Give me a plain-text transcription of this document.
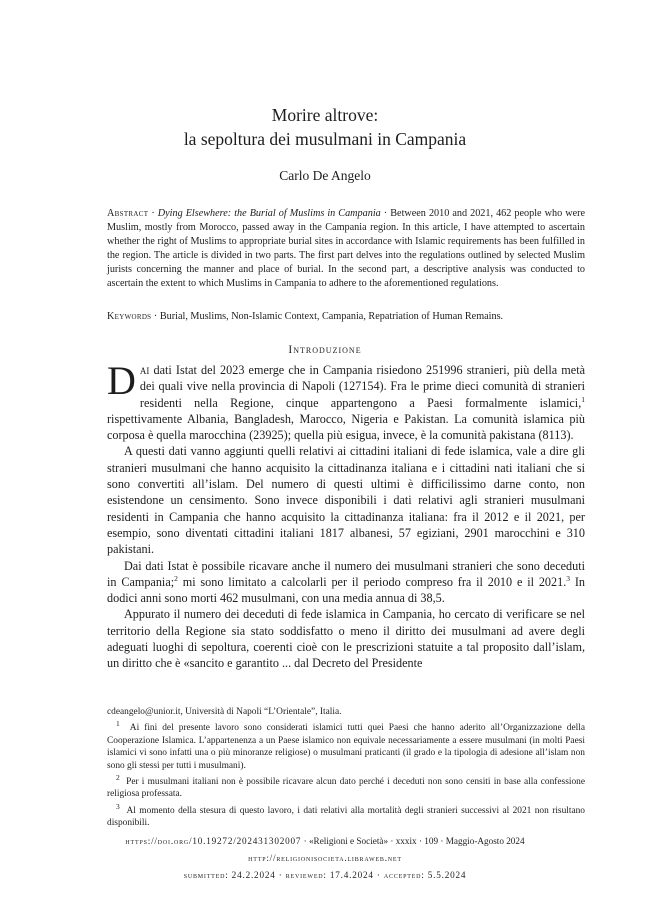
Morire altrove:
la sepoltura dei musulmani in Campania
Carlo De Angelo

Abstract · Dying Elsewhere: the Burial of Muslims in Campania · Between 2010 and 2021, 462 people who were Muslim, mostly from Morocco, passed away in the Campania region. In this article, I have attempted to ascertain whether the right of Muslims to appropriate burial sites in accordance with Islamic requirements has been fulfilled in the region. The article is divided in two parts. The first part delves into the regulations outlined by selected Muslim jurists concerning the manner and place of burial. In the second part, a descriptive analysis was conducted to ascertain the extent to which Muslims in Campania to adhere to the aforementioned regulations.

Keywords · Burial, Muslims, Non-Islamic Context, Campania, Repatriation of Human Remains.

Introduzione

Dai dati Istat del 2023 emerge che in Campania risiedono 251996 stranieri, più della metà dei quali vive nella provincia di Napoli (127154). Fra le prime dieci comunità di stranieri residenti nella Regione, cinque appartengono a Paesi formalmente islamici,$^1$ rispettivamente Albania, Bangladesh, Marocco, Nigeria e Pakistan. La comunità islamica più corposa è quella marocchina (23925); quella più esigua, invece, è la comunità pakistana (8113).

A questi dati vanno aggiunti quelli relativi ai cittadini italiani di fede islamica, vale a dire gli stranieri musulmani che hanno acquisito la cittadinanza italiana e i cittadini nati italiani che si sono convertiti all’islam. Del numero di questi ultimi è difficilissimo darne conto, non esistendone un censimento. Sono invece disponibili i dati relativi agli stranieri musulmani residenti in Campania che hanno acquisito la cittadinanza italiana: fra il 2012 e il 2021, per esempio, sono diventati cittadini italiani 1817 albanesi, 57 egiziani, 2901 marocchini e 310 pakistani.

Dai dati Istat è possibile ricavare anche il numero dei musulmani stranieri che sono deceduti in Campania;$^2$ mi sono limitato a calcolarli per il periodo compreso fra il 2010 e il 2021.$^3$ In dodici anni sono morti 462 musulmani, con una media annua di 38,5.

Appurato il numero dei deceduti di fede islamica in Campania, ho cercato di verificare se nel territorio della Regione sia stato soddisfatto o meno il diritto dei musulmani ad avere degli adeguati luoghi di sepoltura, coerenti cioè con le prescrizioni statuite a tal proposito dall’islam, un diritto che è «sancito e garantito ... dal Decreto del Presidente

cdeangelo@unior.it, Università di Napoli “L’Orientale”, Italia.

$^1$ Ai fini del presente lavoro sono considerati islamici tutti quei Paesi che hanno aderito all’Organizzazione della Cooperazione Islamica. L’appartenenza a un Paese islamico non equivale necessariamente a essere musulmani (in molti Paesi islamici vi sono infatti una o più minoranze religiose) o musulmani praticanti (il grado e la tipologia di adesione all’islam non sono gli stessi per tutti i musulmani).

$^2$ Per i musulmani italiani non è possibile ricavare alcun dato perché i deceduti non sono censiti in base alla confessione religiosa professata.

$^3$ Al momento della stesura di questo lavoro, i dati relativi alla mortalità degli stranieri successivi al 2021 non risultano disponibili.

https://doi.org/10.19272/202431302007 · «Religioni e Società» · xxxix · 109 · Maggio-Agosto 2024
http://religionisocieta.libraweb.net
submitted: 24.2.2024 · reviewed: 17.4.2024 · accepted: 5.5.2024
